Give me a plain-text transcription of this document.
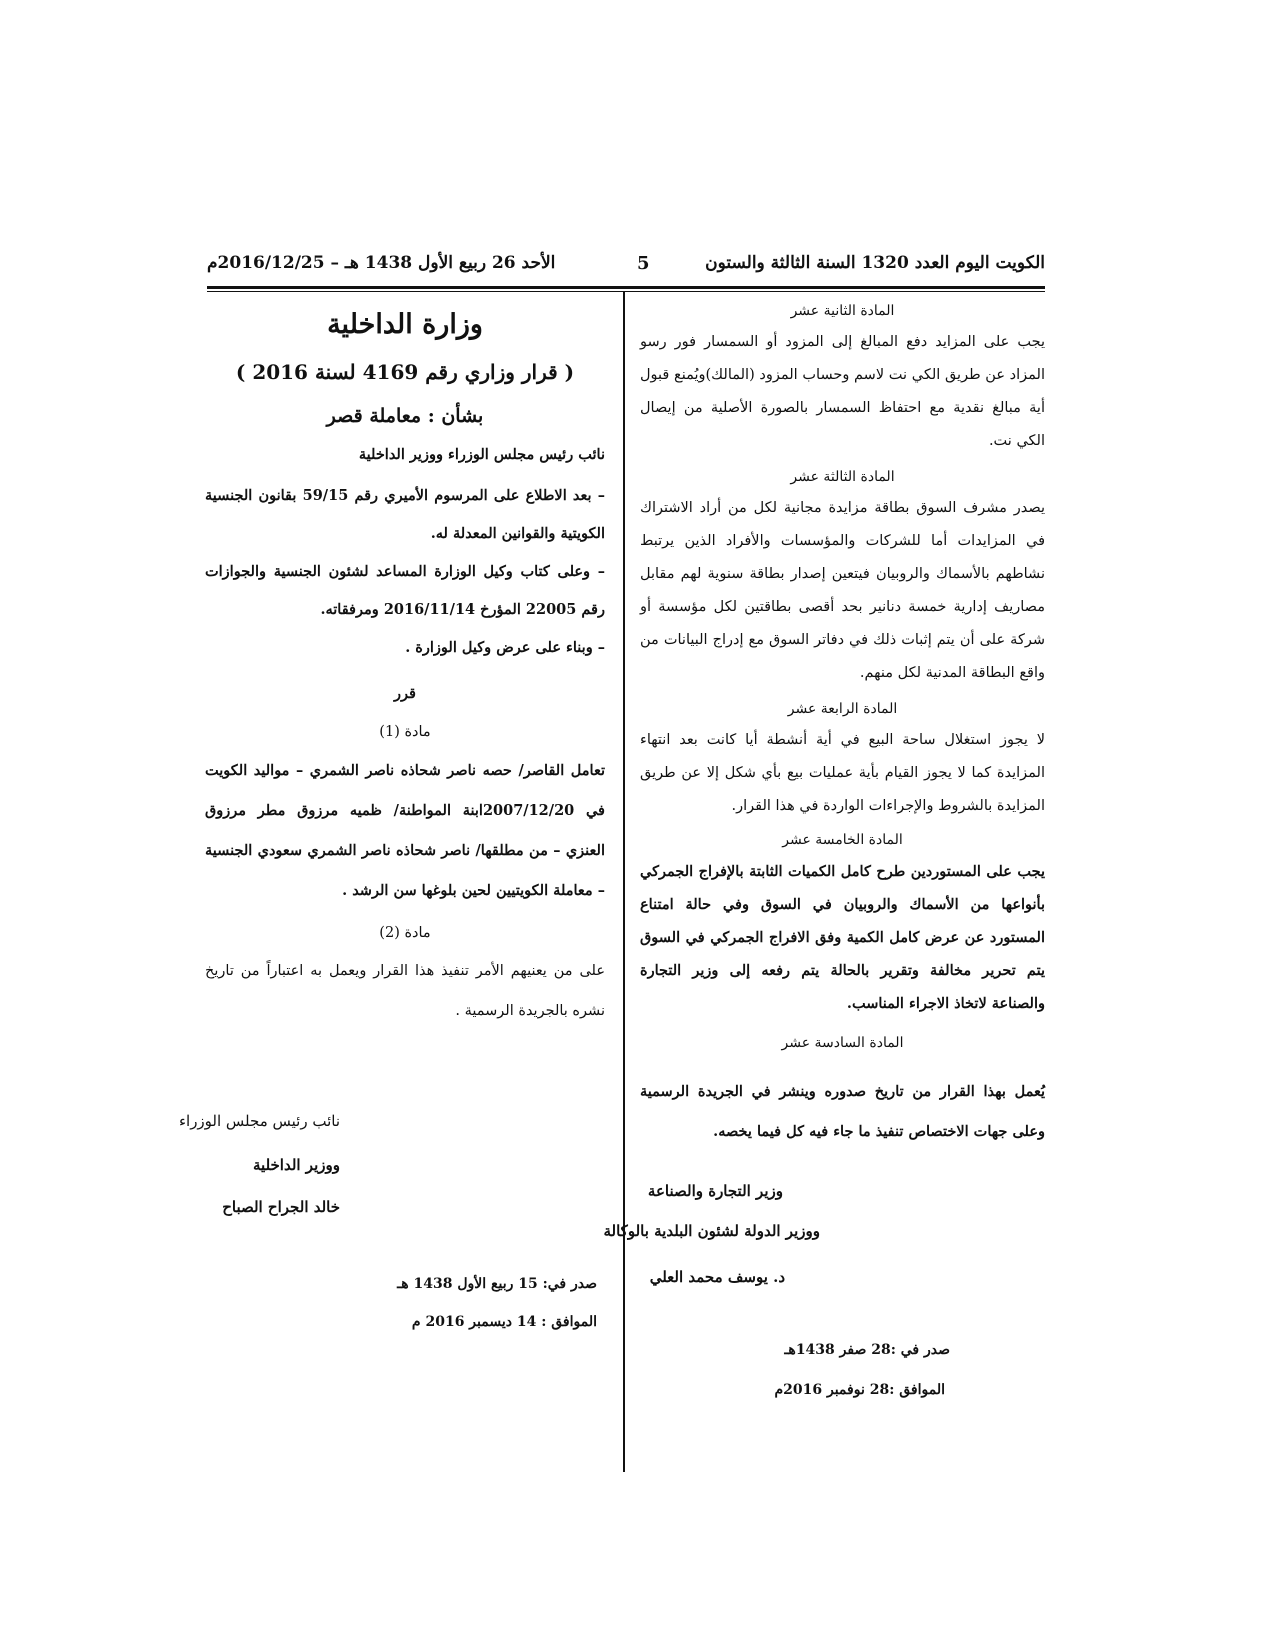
الكويت اليوم العدد 1320 السنة الثالثة والستون
5
الأحد 26 ربيع الأول 1438 هـ – 2016/12/25م

المادة الثانية عشر

يجب على المزايد دفع المبالغ إلى المزود أو السمسار فور رسو المزاد عن طريق الكي نت لاسم وحساب المزود (المالك)ويُمنع قبول أية مبالغ نقدية مع احتفاظ السمسار بالصورة الأصلية من إيصال الكي نت.

المادة الثالثة عشر

يصدر مشرف السوق بطاقة مزايدة مجانية لكل من أراد الاشتراك في المزايدات أما للشركات والمؤسسات والأفراد الذين يرتبط نشاطهم بالأسماك والروبيان فيتعين إصدار بطاقة سنوية لهم مقابل مصاريف إدارية خمسة دنانير بحد أقصى بطاقتين لكل مؤسسة أو شركة على أن يتم إثبات ذلك في دفاتر السوق مع إدراج البيانات من واقع البطاقة المدنية لكل منهم.

المادة الرابعة عشر

لا يجوز استغلال ساحة البيع في أية أنشطة أيا كانت بعد انتهاء المزايدة كما لا يجوز القيام بأية عمليات بيع بأي شكل إلا عن طريق المزايدة بالشروط والإجراءات الواردة في هذا القرار.

المادة الخامسة عشر

يجب على المستوردين طرح كامل الكميات الثابتة بالإفراج الجمركي بأنواعها من الأسماك والروبيان في السوق وفي حالة امتناع المستورد عن عرض كامل الكمية وفق الافراج الجمركي في السوق يتم تحرير مخالفة وتقرير بالحالة يتم رفعه إلى وزير التجارة والصناعة لاتخاذ الاجراء المناسب.

المادة السادسة عشر

يُعمل بهذا القرار من تاريخ صدوره وينشر في الجريدة الرسمية وعلى جهات الاختصاص تنفيذ ما جاء فيه كل فيما يخصه.

وزير التجارة والصناعة
ووزير الدولة لشئون البلدية بالوكالة
د. يوسف محمد العلي
صدر في :28 صفر 1438هـ
الموافق :28 نوفمبر 2016م

وزارة الداخلية

( قرار وزاري رقم 4169 لسنة 2016 )

بشأن : معاملة قصر

نائب رئيس مجلس الوزراء ووزير الداخلية

– بعد الاطلاع على المرسوم الأميري رقم 59/15 بقانون الجنسية الكويتية والقوانين المعدلة له.

– وعلى كتاب وكيل الوزارة المساعد لشئون الجنسية والجوازات رقم 22005 المؤرخ 2016/11/14 ومرفقاته.

– وبناء على عرض وكيل الوزارة .

قرر

مادة (1)

تعامل القاصر/ حصه ناصر شحاذه ناصر الشمري – مواليد الكويت في 2007/12/20ابنة المواطنة/ ظميه مرزوق مطر مرزوق العنزي – من مطلقها/ ناصر شحاذه ناصر الشمري سعودي الجنسية – معاملة الكويتيين لحين بلوغها سن الرشد .

مادة (2)

على من يعنيهم الأمر تنفيذ هذا القرار ويعمل به اعتباراً من تاريخ نشره بالجريدة الرسمية .

نائب رئيس مجلس الوزراء
ووزير الداخلية
خالد الجراح الصباح
صدر في: 15 ربيع الأول 1438 هـ
الموافق : 14 ديسمبر 2016 م
